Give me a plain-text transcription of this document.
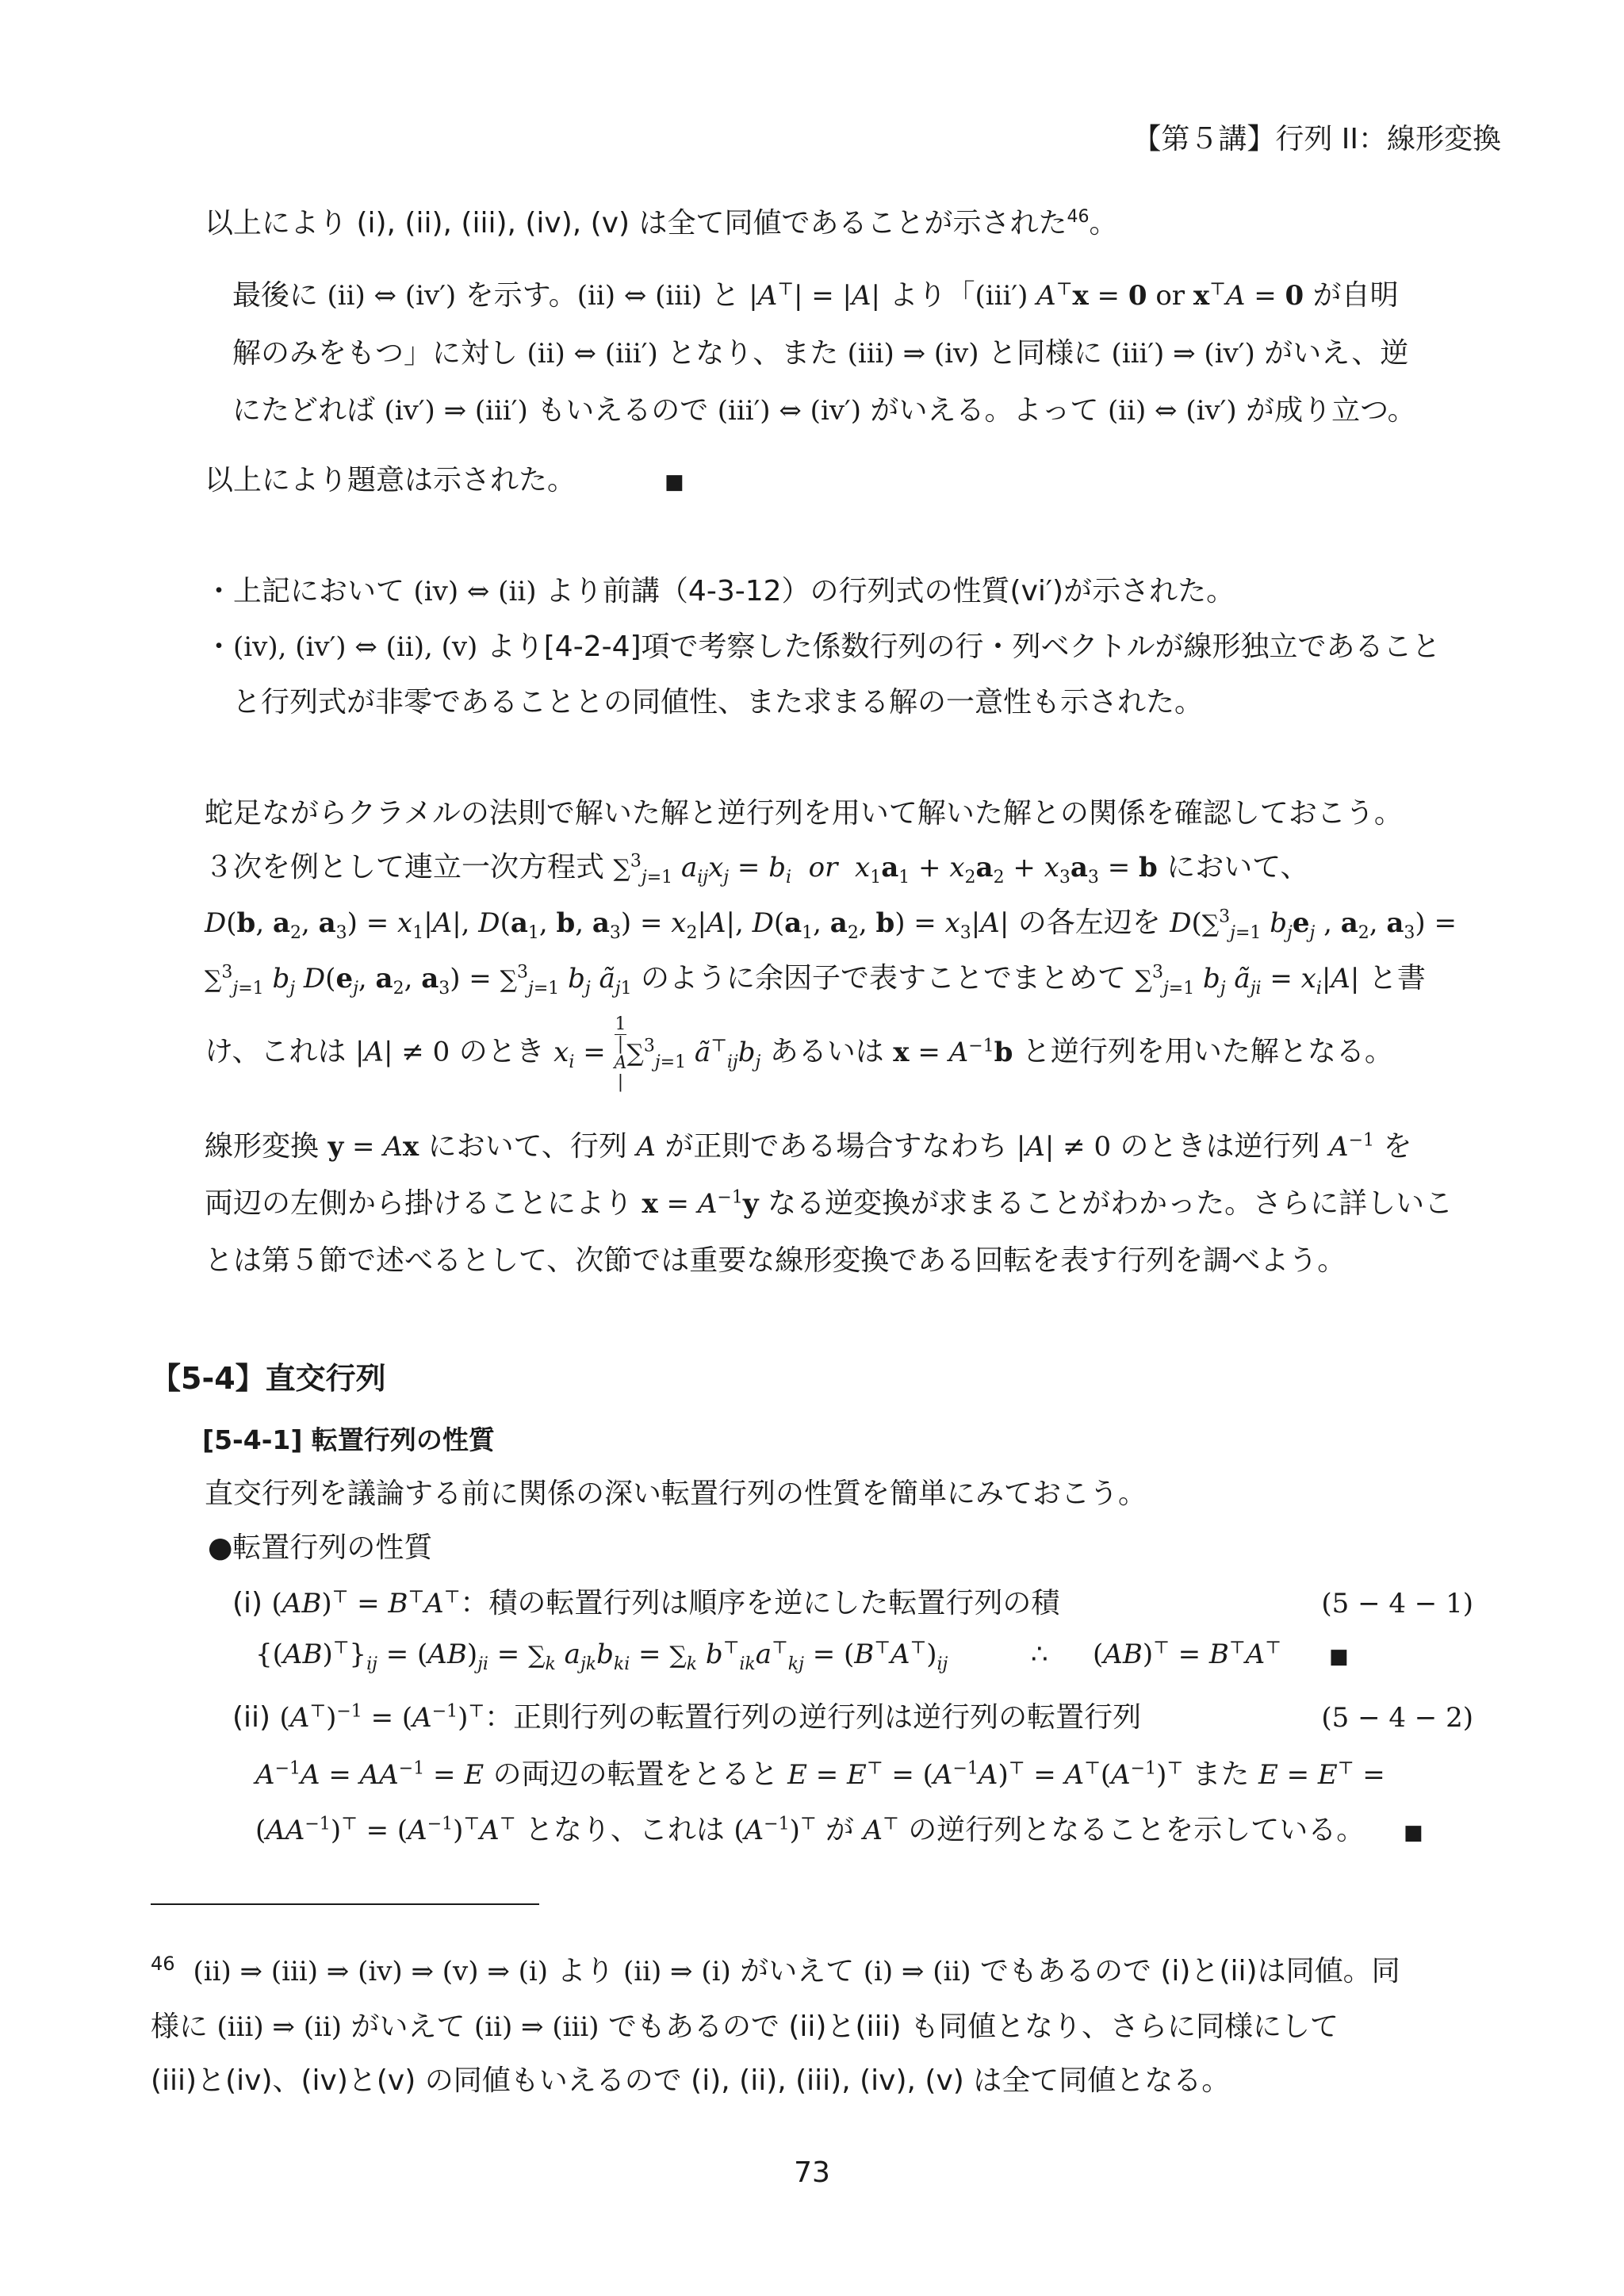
【第５講】行列 II：線形変換
以上により (i), (ii), (iii), (iv), (v) は全て同値であることが示された$^{46}$。
最後に (ii) ⇔ (iv′) を示す。(ii) ⇔ (iii) と |A⊤| = |A| より「(iii′) A⊤x = 0 or x⊤A = 0 が自明
解のみをもつ」に対し (ii) ⇔ (iii′) となり、また (iii) ⇒ (iv) と同様に (iii′) ⇒ (iv′) がいえ、逆
にたどれば (iv′) ⇒ (iii′) もいえるので (iii′) ⇔ (iv′) がいえる。よって (ii) ⇔ (iv′) が成り立つ。
以上により題意は示された。	■
・上記において (iv) ⇔ (ii) より前講（4-3-12）の行列式の性質(vi′)が示された。
・(iv), (iv′) ⇔ (ii), (v) より[4-2-4]項で考察した係数行列の行・列ベクトルが線形独立であること
と行列式が非零であることとの同値性、また求まる解の一意性も示された。
蛇足ながらクラメルの法則で解いた解と逆行列を用いて解いた解との関係を確認しておこう。
３次を例として連立一次方程式 ∑$^3_{j=1}$ $a_{ij}x_j = b_i$ or $x_1a_1 + x_2a_2 + x_3a_3 = b$ において、
D(b, $a_2$, $a_3) = x_1|A|$, $D(a_1$, b, $a_3) = x_2|A|$, $D(a_1$, $a_2$, $b) = x_3|A|$ の各左辺を D(∑$^3_{j=1}$ $b_je_j$ , $a_2$, $a_3$) =
∑$^3_{j=1}$ $b_j$ $D(e_j$, $a_2$, $a_3) = \sum^3_{j=1}$ $b_j$ $ã_{j1}$ のように余因子で表すことでまとめて ∑$^3_{j=1}$ $b_j$ $ã_{ji} = x_i|A|$ と書
け、これは |A| ≠ 0 のとき $x_i = 1$
|
A
| ∑$^3_{j=1}$ $ã^⊤_{ij}b_j$ あるいは $x = A^{-1}b$ と逆行列を用いた解となる。
線形変換 y = Ax において、行列 A が正則である場合すなわち |A| ≠ 0 のときは逆行列 $A^{-1}$ を
両辺の左側から掛けることにより $x = A^{-1}y$ なる逆変換が求まることがわかった。さらに詳しいこ
とは第５節で述べるとして、次節では重要な線形変換である回転を表す行列を調べよう。
【5-4】直交行列
[5-4-1] 転置行列の性質
直交行列を議論する前に関係の深い転置行列の性質を簡単にみておこう。
●転置行列の性質
(i) (AB)⊤ = B⊤A⊤：積の転置行列は順序を逆にした転置行列の積	(5 − 4 − 1)
$\{(AB)^⊤\}_{ij} = (AB)_{ji} = \sum_k$ $a_{jk}b_{ki} = \sum_k$ $b^⊤_{ik}a^⊤_{kj} = (B^⊤A^⊤)_{ij}$	∴ (AB)⊤ = B⊤A⊤ ■
(ii) $(A^⊤)^{-1} = (A^{-1})^⊤$：正則行列の転置行列の逆行列は逆行列の転置行列	(5 − 4 − 2)
$A^{-1}A = AA^{-1} = E$ の両辺の転置をとると $E = E^⊤ = (A^{-1}A)^⊤ = A^⊤(A^{-1})^⊤$ また E = E⊤ =
$(AA^{-1})^⊤ = (A^{-1})^⊤A^⊤$ となり、これは $(A^{-1})^⊤$ が A⊤ の逆行列となることを示している。 ■
$^{46}$ (ii) ⇒ (iii) ⇒ (iv) ⇒ (v) ⇒ (i) より (ii) ⇒ (i) がいえて (i) ⇒ (ii) でもあるので (i)と(ii)は同値。同
様に (iii) ⇒ (ii) がいえて (ii) ⇒ (iii) でもあるので (ii)と(iii) も同値となり、さらに同様にして
(iii)と(iv)、(iv)と(v) の同値もいえるので (i), (ii), (iii), (iv), (v) は全て同値となる。
73
